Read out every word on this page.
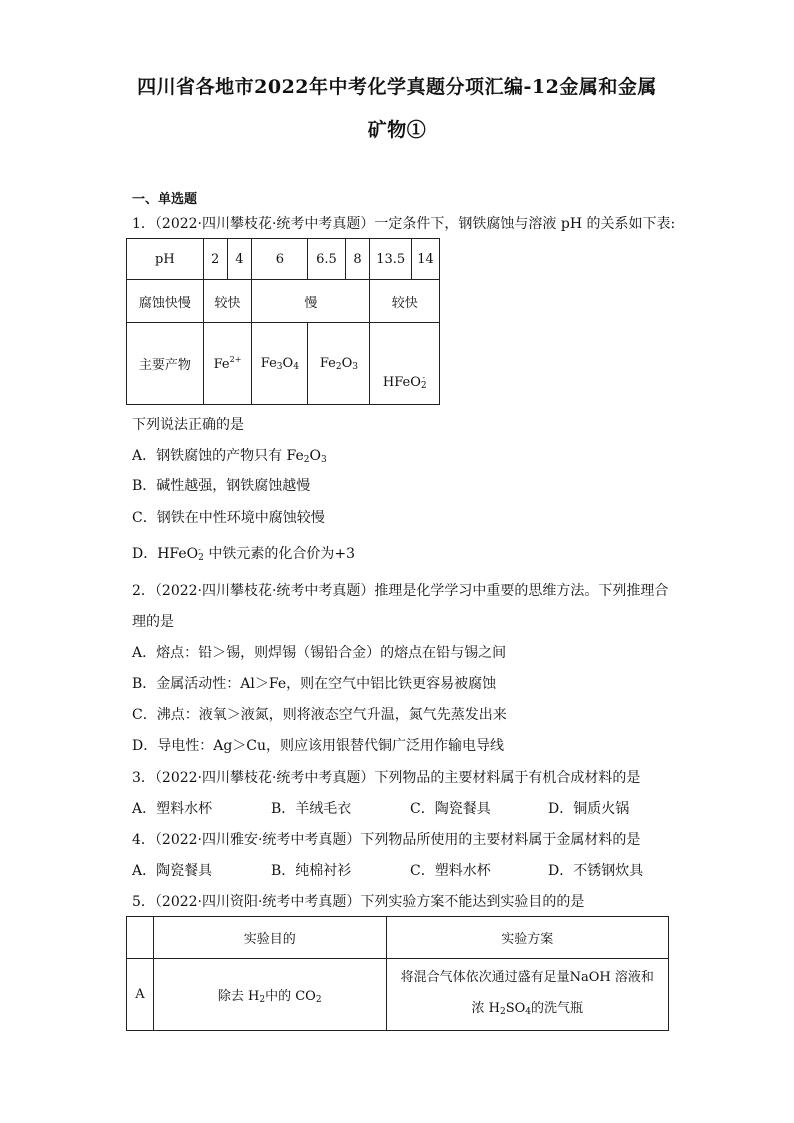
四川省各地市2022年中考化学真题分项汇编-12金属和金属
矿物①
一、单选题
1．（2022·四川攀枝花·统考中考真题）一定条件下，钢铁腐蚀与溶液 pH 的关系如下表:
pH	2	4	6	6.5	8	13.5	14
腐蚀快慢	较快		慢			较快	
主要产物	$Fe^{2+}$		$Fe_3O_4$	$Fe_2O_3$		HFeO -
2	
下列说法正确的是
A．钢铁腐蚀的产物只有 $Fe_2O_3$
B．碱性越强，钢铁腐蚀越慢
C．钢铁在中性环境中腐蚀较慢
D．HFeO -
2 中铁元素的化合价为+3
2．（2022·四川攀枝花·统考中考真题）推理是化学学习中重要的思维方法。下列推理合
理的是
A．熔点：铅＞锡，则焊锡（锡铅合金）的熔点在铅与锡之间
B．金属活动性：Al＞Fe，则在空气中铝比铁更容易被腐蚀
C．沸点：液氧＞液氮，则将液态空气升温，氮气先蒸发出来
D．导电性：Ag＞Cu，则应该用银替代铜广泛用作输电导线
3．（2022·四川攀枝花·统考中考真题）下列物品的主要材料属于有机合成材料的是
A．塑料水杯	B．羊绒毛衣	C．陶瓷餐具	D．铜质火锅
4．（2022·四川雅安·统考中考真题）下列物品所使用的主要材料属于金属材料的是
A．陶瓷餐具	B．纯棉衬衫	C．塑料水杯	D．不锈钢炊具
5．（2022·四川资阳·统考中考真题）下列实验方案不能达到实验目的的是
	实验目的	实验方案
A	除去 $H_2$中的 $CO_2$	将混合气体依次通过盛有足量NaOH 溶液和
浓 $H_2SO_4$的洗气瓶
